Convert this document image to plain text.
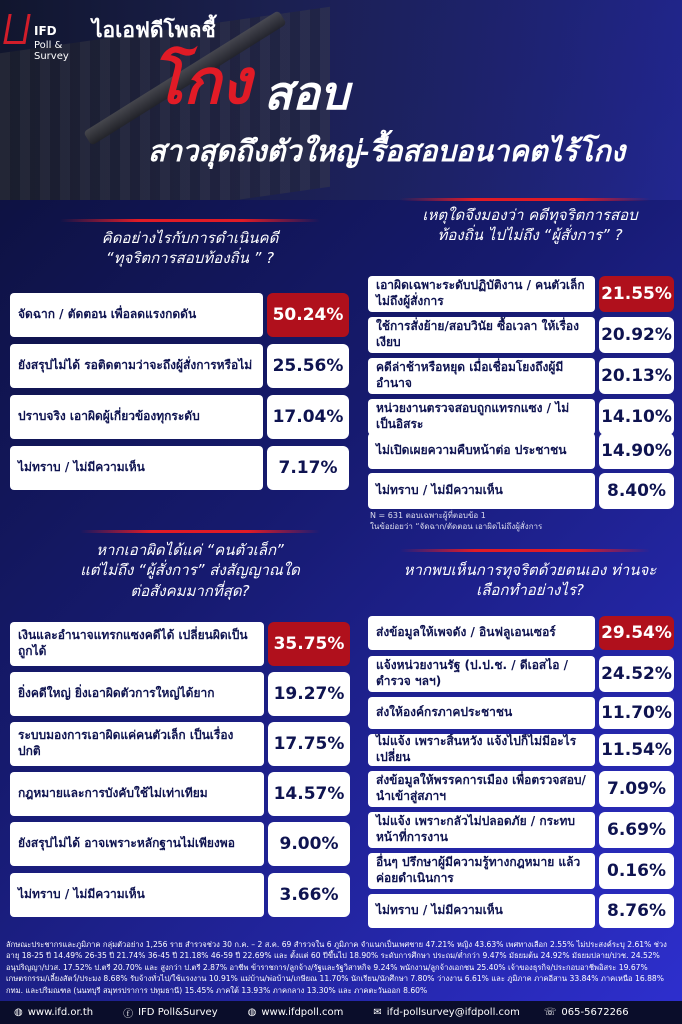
IFD
Poll & Survey
ไอเอฟดีโพลชี้
โกง สอบ
สาวสุดถึงตัวใหญ่-รื้อสอบอนาคตไร้โกง
คิดอย่างไรกับการดำเนินคดี
“ทุจริตการสอบท้องถิ่น ” ?
เหตุใดจึงมองว่า คดีทุจริตการสอบ
ท้องถิ่น ไปไม่ถึง “ผู้สั่งการ” ?
หากเอาผิดได้แค่ “คนตัวเล็ก”
แต่ไม่ถึง “ผู้สั่งการ” ส่งสัญญาณใด
ต่อสังคมมากที่สุด?
หากพบเห็นการทุจริตด้วยตนเอง ท่านจะ
เลือกทำอย่างไร?
จัดฉาก / ตัดตอน เพื่อลดแรงกดดัน	50.24%
ยังสรุปไม่ได้ รอติดตามว่าจะถึงผู้สั่งการหรือไม่	25.56%
ปราบจริง เอาผิดผู้เกี่ยวข้องทุกระดับ	17.04%
ไม่ทราบ / ไม่มีความเห็น	7.17%
เอาผิดเฉพาะระดับปฏิบัติงาน / คนตัวเล็ก ไม่ถึงผู้สั่งการ	21.55%
ใช้การสั่งย้าย/สอบวินัย ซื้อเวลา ให้เรื่องเงียบ	20.92%
คดีล่าช้าหรือหยุด เมื่อเชื่อมโยงถึงผู้มีอำนาจ	20.13%
หน่วยงานตรวจสอบถูกแทรกแซง / ไม่เป็นอิสระ	14.10%
ไม่เปิดเผยความคืบหน้าต่อ ประชาชน	14.90%
ไม่ทราบ / ไม่มีความเห็น	8.40%
N = 631 ตอบเฉพาะผู้ที่ตอบข้อ 1
ในข้อย่อยว่า “จัดฉาก/ตัดตอน เอาผิดไม่ถึงผู้สั่งการ
เงินและอำนาจแทรกแซงคดีได้ เปลี่ยนผิดเป็นถูกได้	35.75%
ยิ่งคดีใหญ่ ยิ่งเอาผิดตัวการใหญ่ได้ยาก	19.27%
ระบบมองการเอาผิดแค่คนตัวเล็ก เป็นเรื่องปกติ	17.75%
กฎหมายและการบังคับใช้ไม่เท่าเทียม	14.57%
ยังสรุปไม่ได้ อาจเพราะหลักฐานไม่เพียงพอ	9.00%
ไม่ทราบ / ไม่มีความเห็น	3.66%
ส่งข้อมูลให้เพจดัง / อินฟลูเอนเซอร์	29.54%
แจ้งหน่วยงานรัฐ (ป.ป.ช. / ดีเอสไอ / ตำรวจ ฯลฯ)	24.52%
ส่งให้องค์กรภาคประชาชน	11.70%
ไม่แจ้ง เพราะสิ้นหวัง แจ้งไปก็ไม่มีอะไรเปลี่ยน	11.54%
ส่งข้อมูลให้พรรคการเมือง เพื่อตรวจสอบ/นำเข้าสู่สภาฯ	7.09%
ไม่แจ้ง เพราะกลัวไม่ปลอดภัย / กระทบ หน้าที่การงาน	6.69%
อื่นๆ ปรึกษาผู้มีความรู้ทางกฎหมาย แล้วค่อยดำเนินการ	0.16%
ไม่ทราบ / ไม่มีความเห็น	8.76%
ลักษณะประชากรและภูมิภาค กลุ่มตัวอย่าง 1,256 ราย สำรวจช่วง 30 ก.ค. – 2 ส.ค. 69 สำรวจใน 6 ภูมิภาค จำแนกเป็นเพศชาย 47.21% หญิง 43.63% เพศทางเลือก 2.55% ไม่ประสงค์ระบุ 2.61% ช่วงอายุ 18-25 ปี 14.49% 26-35 ปี 21.74% 36-45 ปี 21.18% 46-59 ปี 22.69% และ ตั้งแต่ 60 ปีขึ้นไป 18.90% ระดับการศึกษา ประถม/ต่ำกว่า 9.47% มัธยมต้น 24.92% มัธยมปลาย/ปวช. 24.52% อนุปริญญา/ปวส. 17.52% ป.ตรี 20.70% และ สูงกว่า ป.ตรี 2.87% อาชีพ ข้าราชการ/ลูกจ้าง/รัฐและรัฐวิสาหกิจ 9.24% พนักงาน/ลูกจ้างเอกชน 25.40% เจ้าของธุรกิจ/ประกอบอาชีพอิสระ 19.67% เกษตรกรรม/เลี้ยงสัตว์/ประมง 8.68% รับจ้างทั่วไป/ใช้แรงงาน 10.91% แม่บ้าน/พ่อบ้าน/เกษียณ 11.70% นักเรียน/นักศึกษา 7.80% ว่างงาน 6.61% และ ภูมิภาค ภาคอีสาน 33.84% ภาคเหนือ 16.88% กทม. และปริมณฑล (นนทบุรี สมุทรปราการ ปทุมธานี) 15.45% ภาคใต้ 13.93% ภาคกลาง 13.30% และ ภาคตะวันออก 8.60%
◍ www.ifd.or.th	ⓕ IFD Poll&Survey	◍ www.ifdpoll.com	✉ ifd-pollsurvey@ifdpoll.com ☏ 065-5672266
